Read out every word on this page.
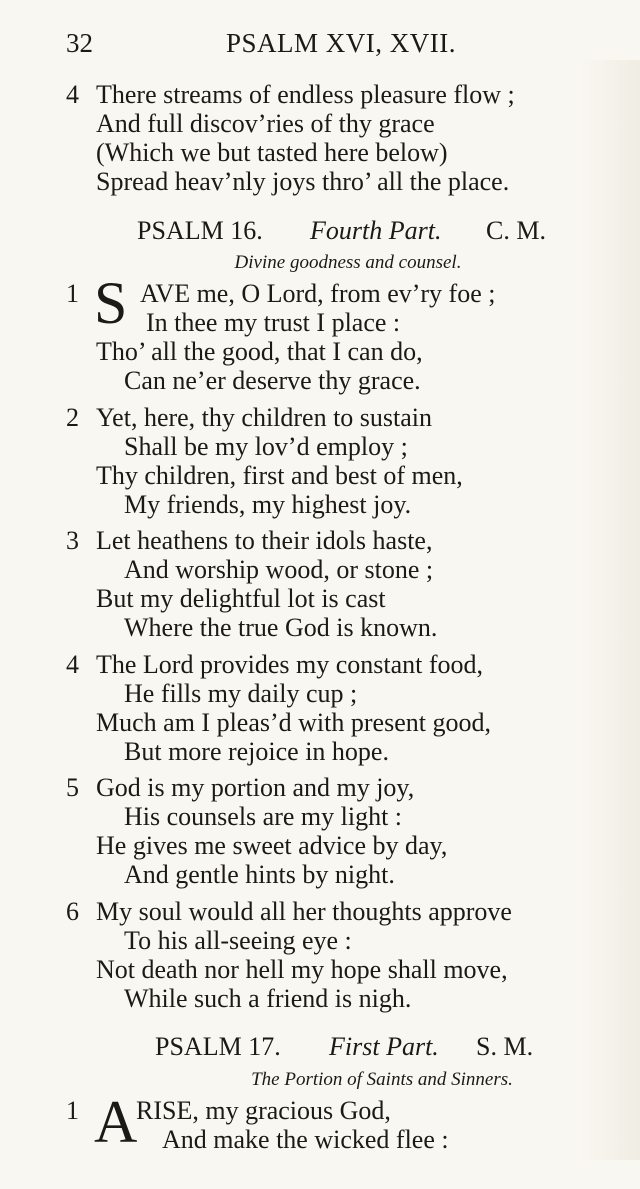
32	PSALM XVI, XVII.
4 There streams of endless pleasure flow ;
And full discov’ries of thy grace
(Which we but tasted here below)
Spread heav’nly joys thro’ all the place.
PSALM 16. Fourth Part. C. M.
Divine goodness and counsel.
1 S AVE me, O Lord, from ev’ry foe ;
In thee my trust I place :
Tho’ all the good, that I can do,
Can ne’er deserve thy grace.
2 Yet, here, thy children to sustain
Shall be my lov’d employ ;
Thy children, first and best of men,
My friends, my highest joy.
3 Let heathens to their idols haste,
And worship wood, or stone ;
But my delightful lot is cast
Where the true God is known.
4 The Lord provides my constant food,
He fills my daily cup ;
Much am I pleas’d with present good,
But more rejoice in hope.
5 God is my portion and my joy,
His counsels are my light :
He gives me sweet advice by day,
And gentle hints by night.
6 My soul would all her thoughts approve
To his all-seeing eye :
Not death nor hell my hope shall move,
While such a friend is nigh.
PSALM 17. First Part. S. M.
The Portion of Saints and Sinners.
1 A
RISE, my gracious God,
And make the wicked flee :
